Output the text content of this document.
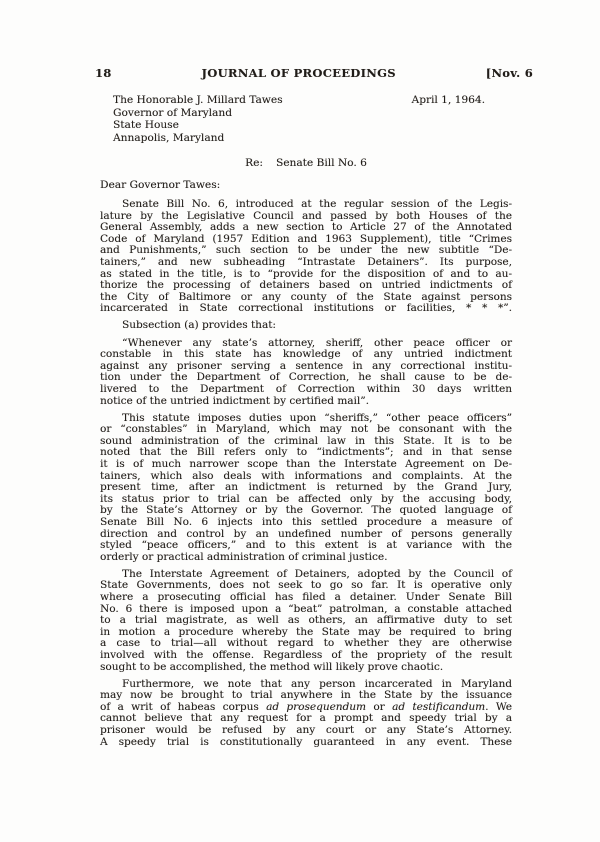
18	JOURNAL OF PROCEEDINGS	[Nov. 6
The Honorable J. Millard Tawes	April 1, 1964.
Governor of Maryland
State House
Annapolis, Maryland
Re: Senate Bill No. 6
Dear Governor Tawes:
Senate Bill No. 6, introduced at the regular session of the Legis-
lature by the Legislative Council and passed by both Houses of the
General Assembly, adds a new section to Article 27 of the Annotated
Code of Maryland (1957 Edition and 1963 Supplement), title “Crimes
and Punishments,” such section to be under the new subtitle “De-
tainers,” and new subheading “Intrastate Detainers”. Its purpose,
as stated in the title, is to “provide for the disposition of and to au-
thorize the processing of detainers based on untried indictments of
the City of Baltimore or any county of the State against persons
incarcerated in State correctional institutions or facilities, * * *”.
Subsection (a) provides that:
“Whenever any state’s attorney, sheriff, other peace officer or
constable in this state has knowledge of any untried indictment
against any prisoner serving a sentence in any correctional institu-
tion under the Department of Correction, he shall cause to be de-
livered to the Department of Correction within 30 days written
notice of the untried indictment by certified mail”.
This statute imposes duties upon “sheriffs,” “other peace officers”
or “constables” in Maryland, which may not be consonant with the
sound administration of the criminal law in this State. It is to be
noted that the Bill refers only to “indictments”; and in that sense
it is of much narrower scope than the Interstate Agreement on De-
tainers, which also deals with informations and complaints. At the
present time, after an indictment is returned by the Grand Jury,
its status prior to trial can be affected only by the accusing body,
by the State’s Attorney or by the Governor. The quoted language of
Senate Bill No. 6 injects into this settled procedure a measure of
direction and control by an undefined number of persons generally
styled “peace officers,” and to this extent is at variance with the
orderly or practical administration of criminal justice.
The Interstate Agreement of Detainers, adopted by the Council of
State Governments, does not seek to go so far. It is operative only
where a prosecuting official has filed a detainer. Under Senate Bill
No. 6 there is imposed upon a “beat” patrolman, a constable attached
to a trial magistrate, as well as others, an affirmative duty to set
in motion a procedure whereby the State may be required to bring
a case to trial—all without regard to whether they are otherwise
involved with the offense. Regardless of the propriety of the result
sought to be accomplished, the method will likely prove chaotic.
Furthermore, we note that any person incarcerated in Maryland
may now be brought to trial anywhere in the State by the issuance
of a writ of habeas corpus ad prosequendum or ad testificandum. We
cannot believe that any request for a prompt and speedy trial by a
prisoner would be refused by any court or any State’s Attorney.
A speedy trial is constitutionally guaranteed in any event. These
